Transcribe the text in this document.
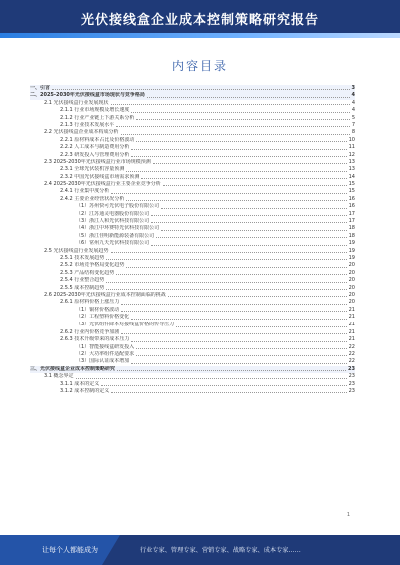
光伏接线盒企业成本控制策略研究报告
内容目录
一、引言	3
二、2025-2030年光伏接线盒市场现状与竞争格局	4
2.1 光伏接线盒行业发展现状	4
2.1.1 行业市场规模及增长速度	4
2.1.2 行业产业链上下游关系分析	5
2.1.3 行业技术发展水平	7
2.2 光伏接线盒企业成本构成分析	8
2.2.1 原材料成本占比及价格波动	10
2.2.2 人工成本与制造费用分析	11
2.2.3 研发投入与管理费用分析	12
2.3 2025-2030年光伏接线盒行业市场规模预测	13
2.3.1 全球光伏装机容量预测	13
2.3.2 中国光伏接线盒市场需求预测	14
2.4 2025-2030年光伏接线盒行业主要企业竞争分析	15
2.4.1 行业集中度分析	15
2.4.2 主要企业经营状况分析	16
（1）苏州快可光伏电子股份有限公司	16
（2）江苏通灵电器股份有限公司	17
（3）浙江人和光伏科技有限公司	17
（4）浙江中环赛特光伏科技有限公司	18
（5）浙江佳明新能源装备有限公司	18
（6）常州九天光伏科技有限公司	19
2.5 光伏接线盒行业发展趋势	19
2.5.1 技术发展趋势	19
2.5.2 市场竞争格局变化趋势	20
2.5.3 产品结构变化趋势	20
2.5.4 行业整合趋势	20
2.5.5 成本控制趋势	20
2.6 2025-2030年光伏接线盒行业成本控制面临的挑战	20
2.6.1 原材料价格上涨压力	20
（1）铜材价格波动	21
（2）工程塑料价格变化	21
（3）光伏组件降本对接线盒价格的传导压力	21
2.6.2 行业内价格竞争加剧	21
2.6.3 技术升级带来的成本压力	21
（1）智能接线盒研发投入	22
（2）大功率组件适配要求	22
（3）国际认证成本增加	22
三、光伏接线盒企业成本控制策略研究	23
3.1 概念界定	23
3.1.1 成本的定义	23
3.1.2 成本控制的定义	23
1
让每个人都能成为	行业专家、管理专家、营销专家、战略专家、成本专家……
